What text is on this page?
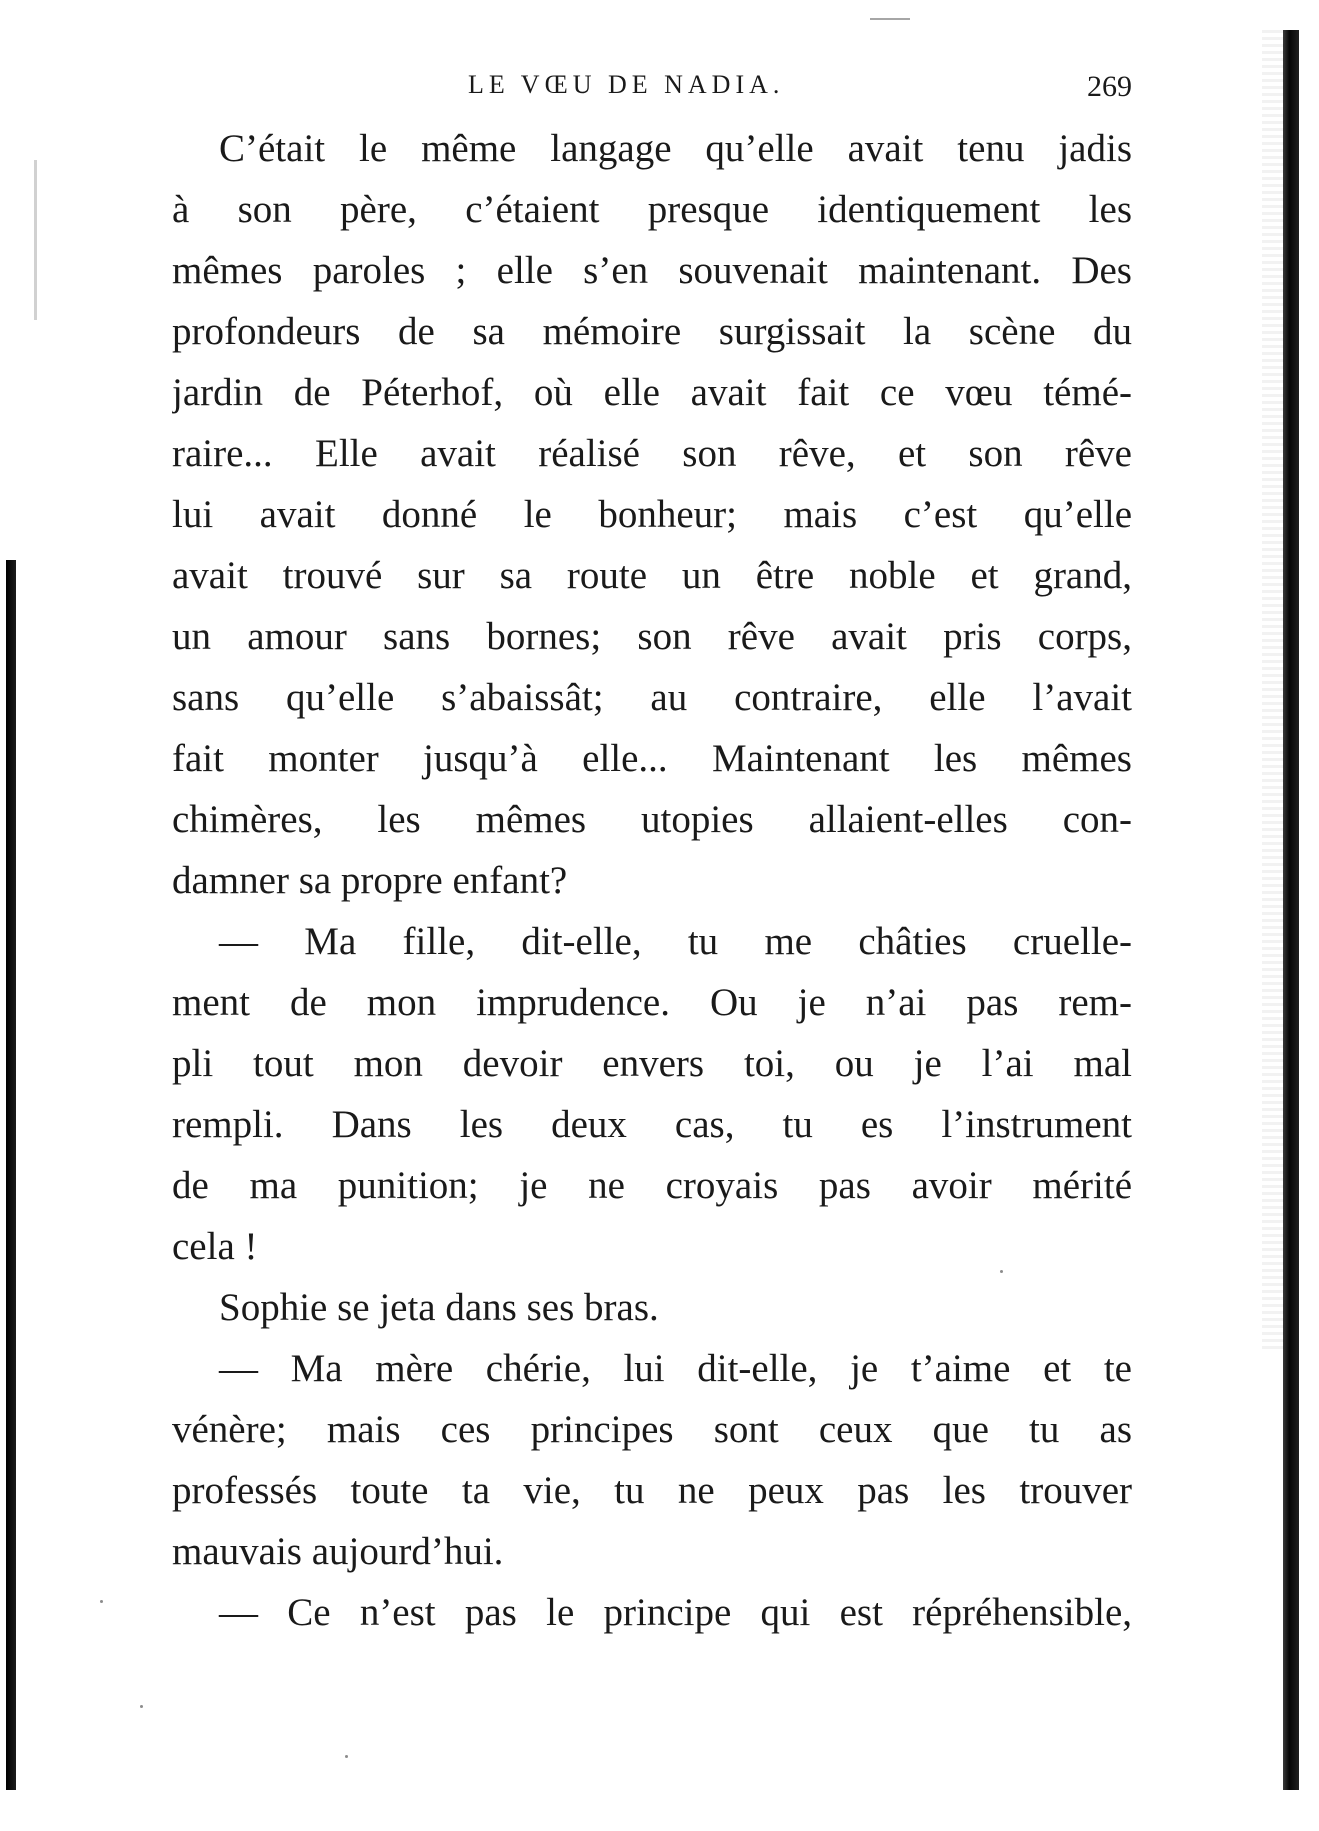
LE VŒU DE NADIA.	269
C’était le même langage qu’elle avait tenu jadis
à son père, c’étaient presque identiquement les
mêmes paroles ; elle s’en souvenait maintenant. Des
profondeurs de sa mémoire surgissait la scène du
jardin de Péterhof, où elle avait fait ce vœu témé-
raire... Elle avait réalisé son rêve, et son rêve
lui avait donné le bonheur; mais c’est qu’elle
avait trouvé sur sa route un être noble et grand,
un amour sans bornes; son rêve avait pris corps,
sans qu’elle s’abaissât; au contraire, elle l’avait
fait monter jusqu’à elle... Maintenant les mêmes
chimères, les mêmes utopies allaient-elles con-
damner sa propre enfant?
— Ma fille, dit-elle, tu me châties cruelle-
ment de mon imprudence. Ou je n’ai pas rem-
pli tout mon devoir envers toi, ou je l’ai mal
rempli. Dans les deux cas, tu es l’instrument
de ma punition; je ne croyais pas avoir mérité
cela !
Sophie se jeta dans ses bras.
— Ma mère chérie, lui dit-elle, je t’aime et te
vénère; mais ces principes sont ceux que tu as
professés toute ta vie, tu ne peux pas les trouver
mauvais aujourd’hui.
— Ce n’est pas le principe qui est répréhensible,
